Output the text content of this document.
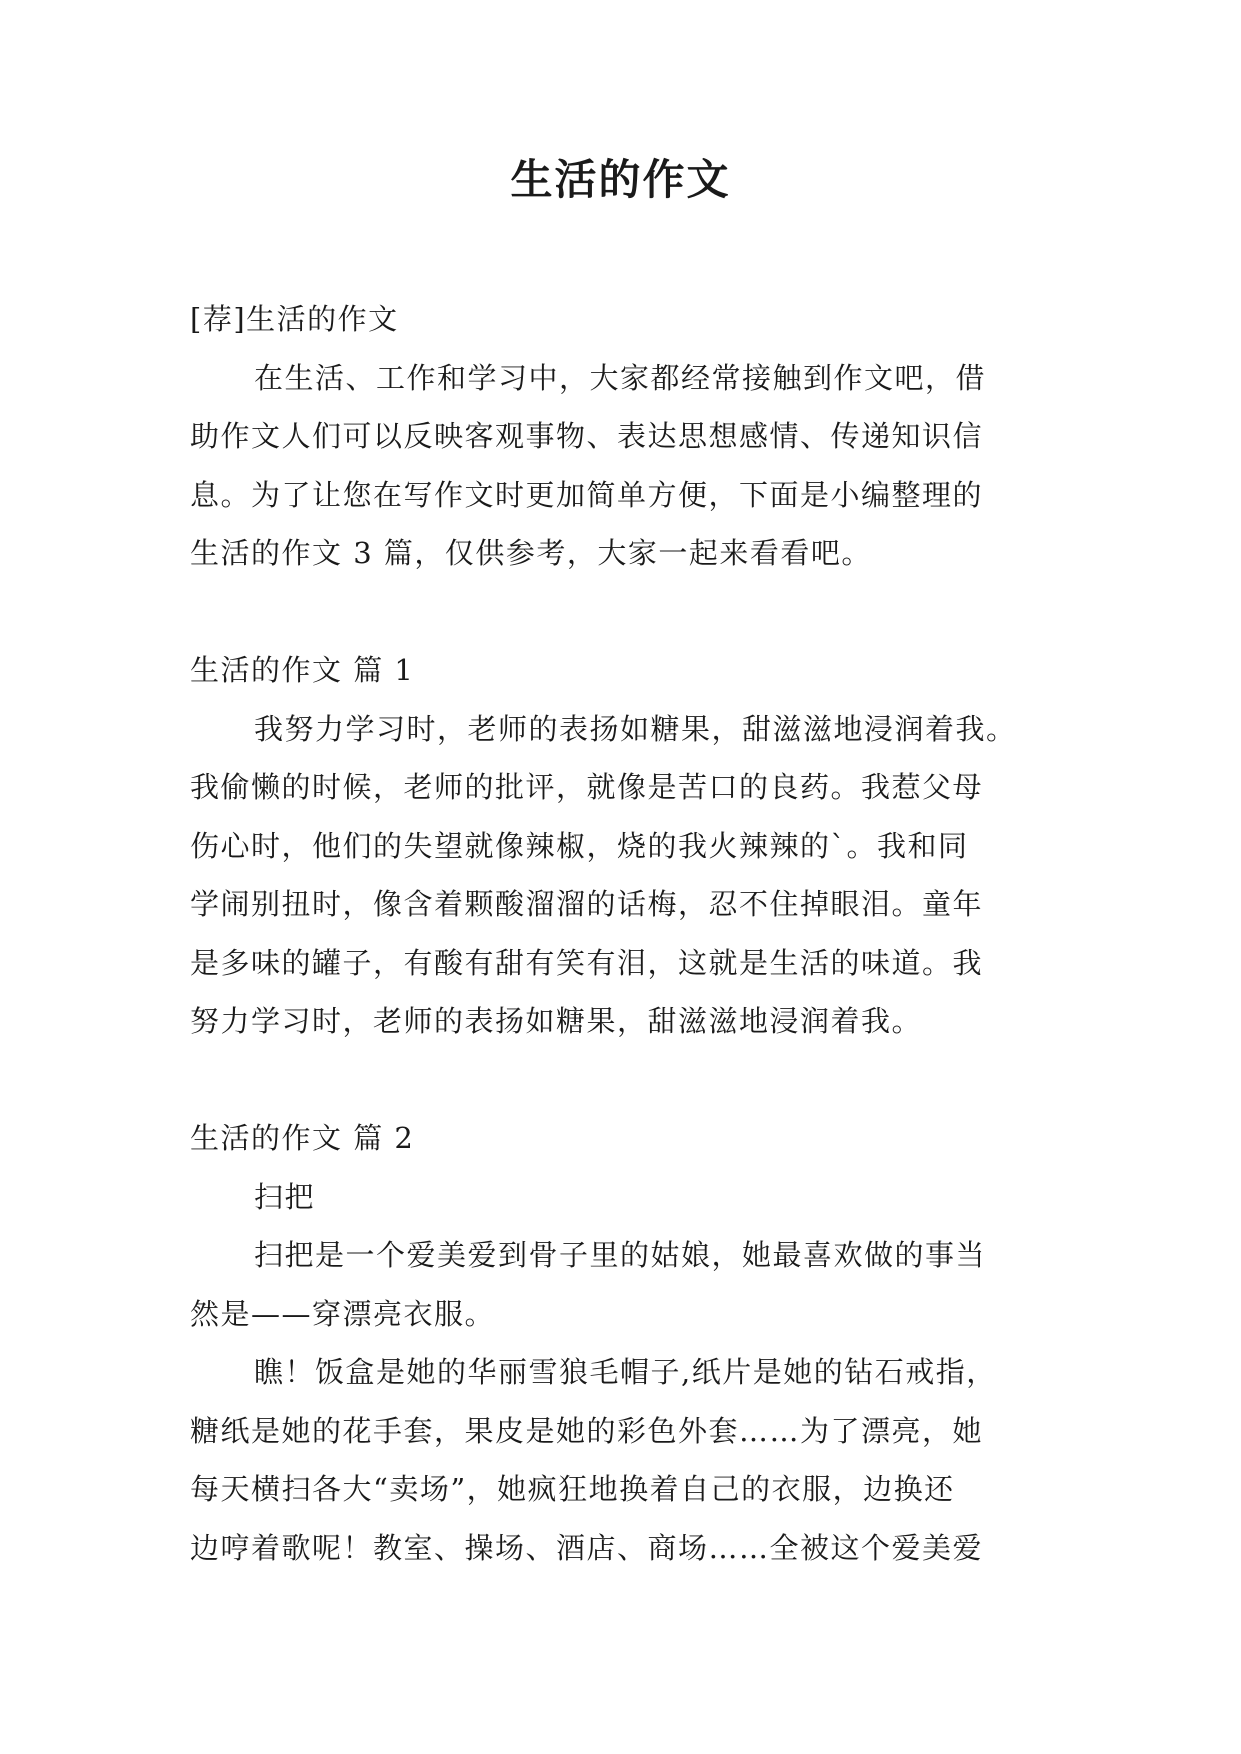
生活的作文
[荐]生活的作文
在生活、工作和学习中，大家都经常接触到作文吧，借
助作文人们可以反映客观事物、表达思想感情、传递知识信
息。为了让您在写作文时更加简单方便，下面是小编整理的
生活的作文 3 篇，仅供参考，大家一起来看看吧。
生活的作文 篇 1
我努力学习时，老师的表扬如糖果，甜滋滋地浸润着我。
我偷懒的时候，老师的批评，就像是苦口的良药。我惹父母
伤心时，他们的失望就像辣椒，烧的我火辣辣的`。我和同
学闹别扭时，像含着颗酸溜溜的话梅，忍不住掉眼泪。童年
是多味的罐子，有酸有甜有笑有泪，这就是生活的味道。我
努力学习时，老师的表扬如糖果，甜滋滋地浸润着我。
生活的作文 篇 2
扫把
扫把是一个爱美爱到骨子里的姑娘，她最喜欢做的事当
然是——穿漂亮衣服。
瞧！饭盒是她的华丽雪狼毛帽子,纸片是她的钻石戒指，
糖纸是她的花手套，果皮是她的彩色外套……为了漂亮，她
每天横扫各大“卖场”，她疯狂地换着自己的衣服，边换还
边哼着歌呢！教室、操场、酒店、商场……全被这个爱美爱
